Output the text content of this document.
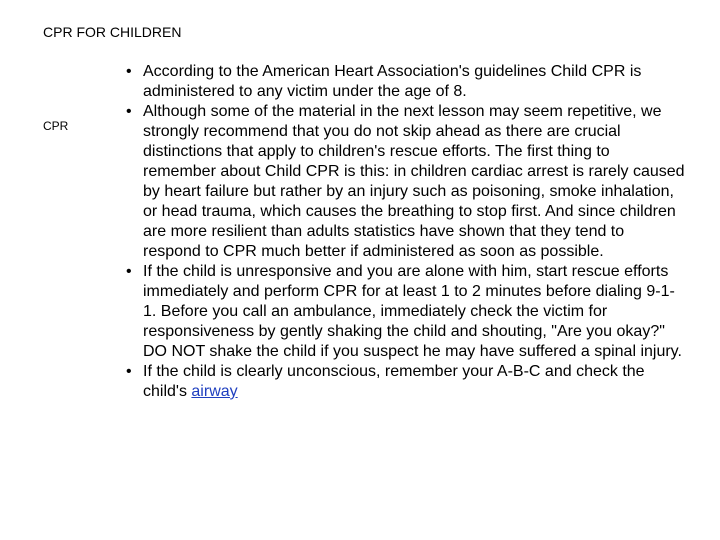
CPR FOR CHILDREN
CPR
• According to the American Heart Association's guidelines Child CPR is administered to any victim under the age of 8.
• Although some of the material in the next lesson may seem repetitive, we strongly recommend that you do not skip ahead as there are crucial distinctions that apply to children's rescue efforts. The first thing to remember about Child CPR is this: in children cardiac arrest is rarely caused by heart failure but rather by an injury such as poisoning, smoke inhalation, or head trauma, which causes the breathing to stop first. And since children are more resilient than adults statistics have shown that they tend to respond to CPR much better if administered as soon as possible.
• If the child is unresponsive and you are alone with him, start rescue efforts immediately and perform CPR for at least 1 to 2 minutes before dialing 9-1-1. Before you call an ambulance, immediately check the victim for responsiveness by gently shaking the child and shouting, "Are you okay?" DO NOT shake the child if you suspect he may have suffered a spinal injury.
• If the child is clearly unconscious, remember your A-B-C and check the child's airway
